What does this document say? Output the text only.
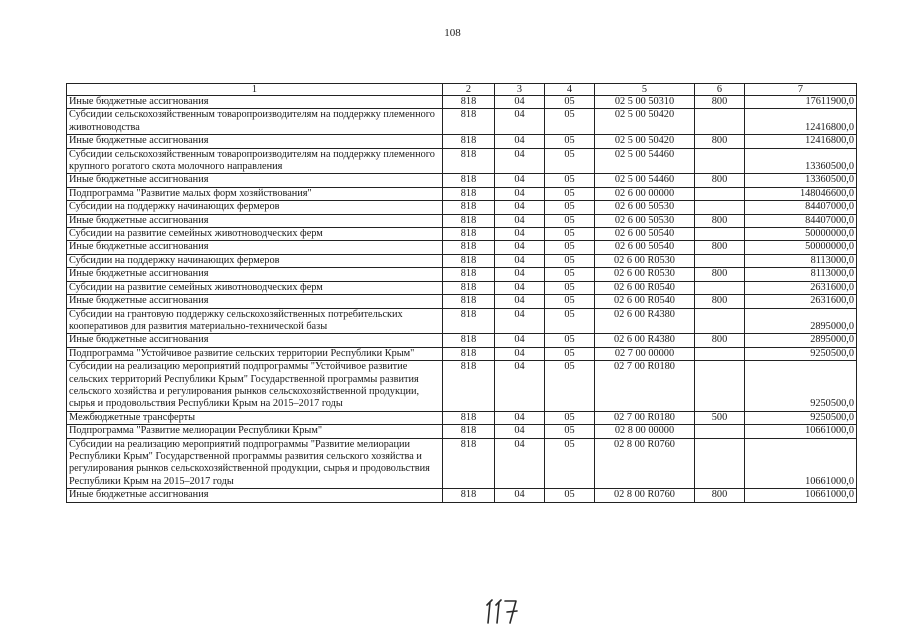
108
1	2	3	4	5	6	7
Иные бюджетные ассигнования	818	04	05	02 5 00 50310	800	17611900,0
Субсидии сельскохозяйственным товаропроизводителям на поддержку племенного животноводства	818	04	05	02 5 00 50420		12416800,0
Иные бюджетные ассигнования	818	04	05	02 5 00 50420	800	12416800,0
Субсидии сельскохозяйственным товаропроизводителям на поддержку племенного крупного рогатого скота молочного направления	818	04	05	02 5 00 54460		13360500,0
Иные бюджетные ассигнования	818	04	05	02 5 00 54460	800	13360500,0
Подпрограмма "Развитие малых форм хозяйствования"	818	04	05	02 6 00 00000		148046600,0
Субсидии на поддержку начинающих фермеров	818	04	05	02 6 00 50530		84407000,0
Иные бюджетные ассигнования	818	04	05	02 6 00 50530	800	84407000,0
Субсидии на развитие семейных животноводческих ферм	818	04	05	02 6 00 50540		50000000,0
Иные бюджетные ассигнования	818	04	05	02 6 00 50540	800	50000000,0
Субсидии на поддержку начинающих фермеров	818	04	05	02 6 00 R0530		8113000,0
Иные бюджетные ассигнования	818	04	05	02 6 00 R0530	800	8113000,0
Субсидии на развитие семейных животноводческих ферм	818	04	05	02 6 00 R0540		2631600,0
Иные бюджетные ассигнования	818	04	05	02 6 00 R0540	800	2631600,0
Субсидии на грантовую поддержку сельскохозяйственных потребительских кооперативов для развития материально-технической базы	818	04	05	02 6 00 R4380		2895000,0
Иные бюджетные ассигнования	818	04	05	02 6 00 R4380	800	2895000,0
Подпрограмма "Устойчивое развитие сельских территории Республики Крым"	818	04	05	02 7 00 00000		9250500,0
Субсидии на реализацию мероприятий подпрограммы "Устойчивое развитие сельских территорий Республики Крым" Государственной программы развития сельского хозяйства и регулирования рынков сельскохозяйственной продукции, сырья и продовольствия Республики Крым на 2015–2017 годы	818	04	05	02 7 00 R0180		9250500,0
Межбюджетные трансферты	818	04	05	02 7 00 R0180	500	9250500,0
Подпрограмма "Развитие мелиорации Республики Крым"	818	04	05	02 8 00 00000		10661000,0
Субсидии на реализацию мероприятий подпрограммы "Развитие мелиорации Республики Крым" Государственной программы развития сельского хозяйства и регулирования рынков сельскохозяйственной продукции, сырья и продовольствия Республики Крым на 2015–2017 годы	818	04	05	02 8 00 R0760		10661000,0
Иные бюджетные ассигнования	818	04	05	02 8 00 R0760	800	10661000,0
